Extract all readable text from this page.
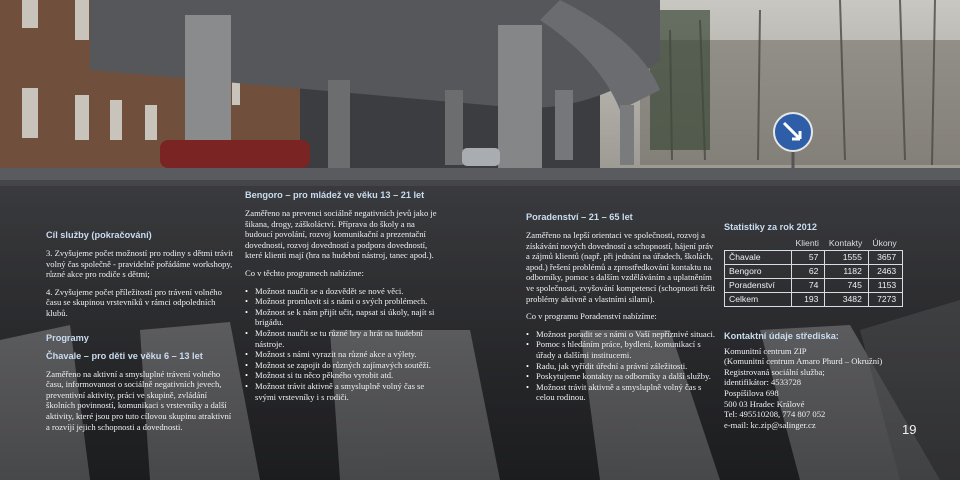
Cíl služby (pokračování)

3. Zvyšujeme počet možností pro rodiny s dětmi trávit volný čas společně - pravidelně pořádáme workshopy, různé akce pro rodiče s dětmi;

4. Zvyšujeme počet příležitostí pro trávení volného času se skupinou vrstevníků v rámci odpoledních klubů.

Programy
Čhavale – pro děti ve věku 6 – 13 let

Zaměřeno na aktivní a smysluplné trávení volného času, informovanost o sociálně negativních jevech, preventivní aktivity, práci ve skupině, zvládání školních povinností, komunikaci s vrstevníky a další aktivity, které jsou pro tuto cílovou skupinu atraktivní a rozvíjí jejich schopnosti a dovednosti.

Bengoro – pro mládež ve věku 13 – 21 let

Zaměřeno na prevenci sociálně negativních jevů jako je šikana, drogy, záškoláctví. Příprava do školy a na budoucí povolání, rozvoj komunikační a prezentační dovednosti, rozvoj dovedností a podpora dovedností, které klienti mají (hra na hudební nástroj, tanec apod.).

Co v těchto programech nabízíme:

• Možnost naučit se a dozvědět se nové věci.
• Možnost promluvit si s námi o svých problémech.
• Možnost se k nám přijít učit, napsat si úkoly, najít si brigádu.
• Možnost naučit se tu různé hry a hrát na hudební nástroje.
• Možnost s námi vyrazit na různé akce a výlety.
• Možnost se zapojit do různých zajímavých soutěží.
• Možnost si tu něco pěkného vyrobit atd.
• Možnost trávit aktivně a smysluplně volný čas se svými vrstevníky i s rodiči.
Poradenství – 21 – 65 let

Zaměřeno na lepší orientaci ve společnosti, rozvoj a získávání nových dovedností a schopností, hájení práv a zájmů klientů (např. při jednání na úřadech, školách, apod.) řešení problémů a zprostředkování kontaktu na odborníky, pomoc s dalším vzděláváním a uplatněním ve společnosti, zvyšování kompetencí (schopnosti řešit problémy aktivně a vlastními silami).

Co v programu Poradenství nabízíme:

• Možnost poradit se s námi o Vaší nepříznivé situaci.
• Pomoc s hledáním práce, bydlení, komunikací s úřady a dalšími institucemi.
• Radu, jak vyřídit úřední a právní záležitosti.
• Poskytujeme kontakty na odborníky a další služby.
• Možnost trávit aktivně a smysluplně volný čas s celou rodinou.
Statistiky za rok 2012
	Klienti	Kontakty	Úkony
Čhavale	57	1555	3657
Bengoro	62	1182	2463
Poradenství	74	745	1153
Celkem	193	3482	7273
Kontaktní údaje střediska:

Komunitní centrum ZIP

(Komunitní centrum Amaro Phurd – Okružní)

Registrovaná sociální služba;

identifikátor: 4533728

Pospíšilova 698

500 03 Hradec Králové

Tel: 495510208, 774 807 052

e-mail: kc.zip@salinger.cz	19
